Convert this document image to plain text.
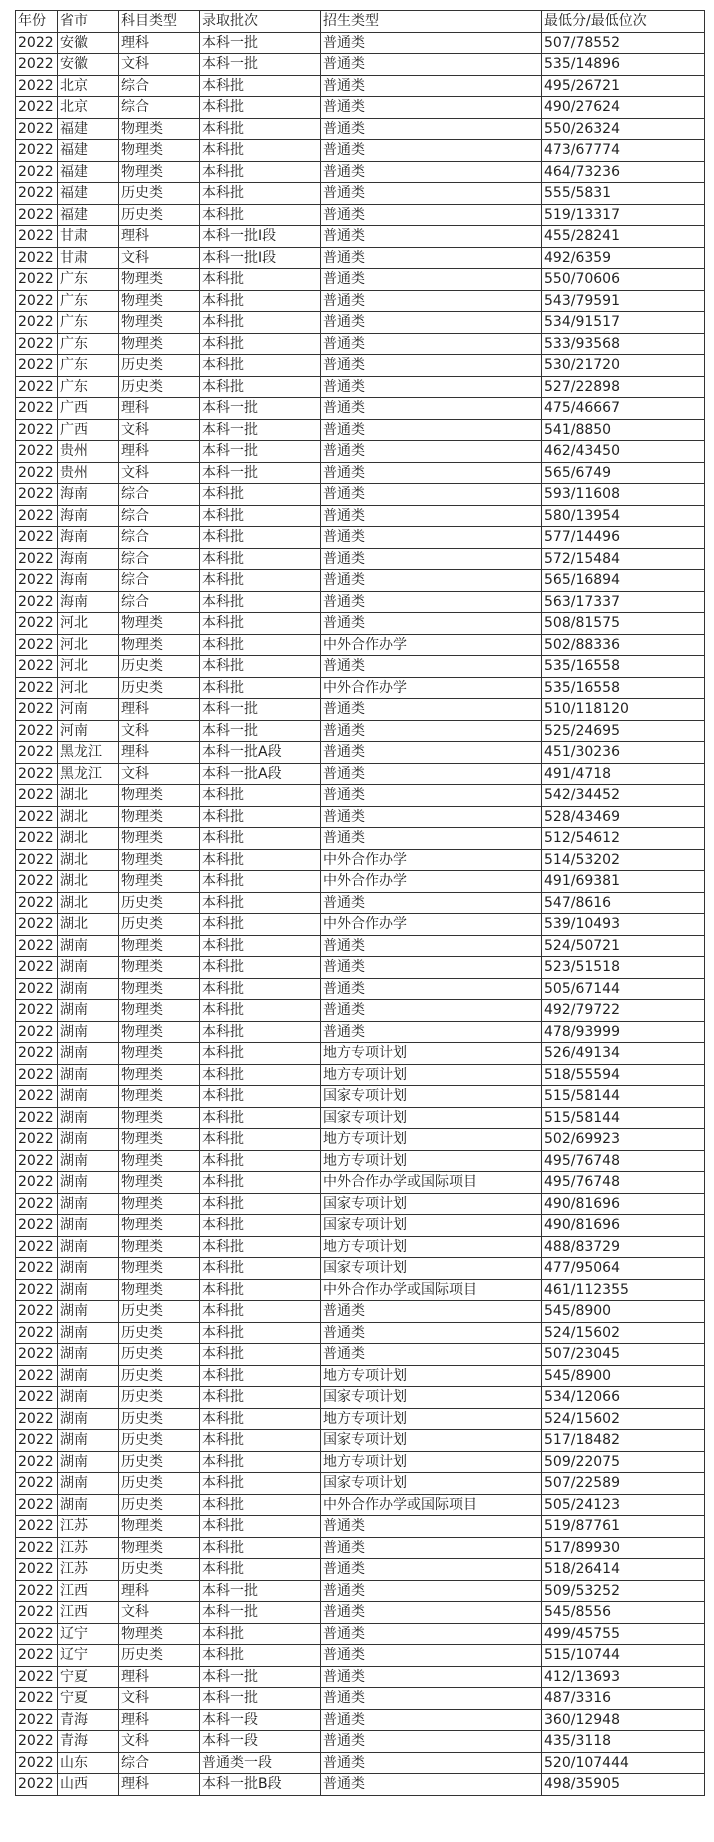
年份	省市	科目类型	录取批次	招生类型	最低分/最低位次
2022	安徽	理科	本科一批	普通类	507/78552
2022	安徽	文科	本科一批	普通类	535/14896
2022	北京	综合	本科批	普通类	495/26721
2022	北京	综合	本科批	普通类	490/27624
2022	福建	物理类	本科批	普通类	550/26324
2022	福建	物理类	本科批	普通类	473/67774
2022	福建	物理类	本科批	普通类	464/73236
2022	福建	历史类	本科批	普通类	555/5831
2022	福建	历史类	本科批	普通类	519/13317
2022	甘肃	理科	本科一批I段	普通类	455/28241
2022	甘肃	文科	本科一批I段	普通类	492/6359
2022	广东	物理类	本科批	普通类	550/70606
2022	广东	物理类	本科批	普通类	543/79591
2022	广东	物理类	本科批	普通类	534/91517
2022	广东	物理类	本科批	普通类	533/93568
2022	广东	历史类	本科批	普通类	530/21720
2022	广东	历史类	本科批	普通类	527/22898
2022	广西	理科	本科一批	普通类	475/46667
2022	广西	文科	本科一批	普通类	541/8850
2022	贵州	理科	本科一批	普通类	462/43450
2022	贵州	文科	本科一批	普通类	565/6749
2022	海南	综合	本科批	普通类	593/11608
2022	海南	综合	本科批	普通类	580/13954
2022	海南	综合	本科批	普通类	577/14496
2022	海南	综合	本科批	普通类	572/15484
2022	海南	综合	本科批	普通类	565/16894
2022	海南	综合	本科批	普通类	563/17337
2022	河北	物理类	本科批	普通类	508/81575
2022	河北	物理类	本科批	中外合作办学	502/88336
2022	河北	历史类	本科批	普通类	535/16558
2022	河北	历史类	本科批	中外合作办学	535/16558
2022	河南	理科	本科一批	普通类	510/118120
2022	河南	文科	本科一批	普通类	525/24695
2022	黑龙江	理科	本科一批A段	普通类	451/30236
2022	黑龙江	文科	本科一批A段	普通类	491/4718
2022	湖北	物理类	本科批	普通类	542/34452
2022	湖北	物理类	本科批	普通类	528/43469
2022	湖北	物理类	本科批	普通类	512/54612
2022	湖北	物理类	本科批	中外合作办学	514/53202
2022	湖北	物理类	本科批	中外合作办学	491/69381
2022	湖北	历史类	本科批	普通类	547/8616
2022	湖北	历史类	本科批	中外合作办学	539/10493
2022	湖南	物理类	本科批	普通类	524/50721
2022	湖南	物理类	本科批	普通类	523/51518
2022	湖南	物理类	本科批	普通类	505/67144
2022	湖南	物理类	本科批	普通类	492/79722
2022	湖南	物理类	本科批	普通类	478/93999
2022	湖南	物理类	本科批	地方专项计划	526/49134
2022	湖南	物理类	本科批	地方专项计划	518/55594
2022	湖南	物理类	本科批	国家专项计划	515/58144
2022	湖南	物理类	本科批	国家专项计划	515/58144
2022	湖南	物理类	本科批	地方专项计划	502/69923
2022	湖南	物理类	本科批	地方专项计划	495/76748
2022	湖南	物理类	本科批	中外合作办学或国际项目	495/76748
2022	湖南	物理类	本科批	国家专项计划	490/81696
2022	湖南	物理类	本科批	国家专项计划	490/81696
2022	湖南	物理类	本科批	地方专项计划	488/83729
2022	湖南	物理类	本科批	国家专项计划	477/95064
2022	湖南	物理类	本科批	中外合作办学或国际项目	461/112355
2022	湖南	历史类	本科批	普通类	545/8900
2022	湖南	历史类	本科批	普通类	524/15602
2022	湖南	历史类	本科批	普通类	507/23045
2022	湖南	历史类	本科批	地方专项计划	545/8900
2022	湖南	历史类	本科批	国家专项计划	534/12066
2022	湖南	历史类	本科批	地方专项计划	524/15602
2022	湖南	历史类	本科批	国家专项计划	517/18482
2022	湖南	历史类	本科批	地方专项计划	509/22075
2022	湖南	历史类	本科批	国家专项计划	507/22589
2022	湖南	历史类	本科批	中外合作办学或国际项目	505/24123
2022	江苏	物理类	本科批	普通类	519/87761
2022	江苏	物理类	本科批	普通类	517/89930
2022	江苏	历史类	本科批	普通类	518/26414
2022	江西	理科	本科一批	普通类	509/53252
2022	江西	文科	本科一批	普通类	545/8556
2022	辽宁	物理类	本科批	普通类	499/45755
2022	辽宁	历史类	本科批	普通类	515/10744
2022	宁夏	理科	本科一批	普通类	412/13693
2022	宁夏	文科	本科一批	普通类	487/3316
2022	青海	理科	本科一段	普通类	360/12948
2022	青海	文科	本科一段	普通类	435/3118
2022	山东	综合	普通类一段	普通类	520/107444
2022	山西	理科	本科一批B段	普通类	498/35905
